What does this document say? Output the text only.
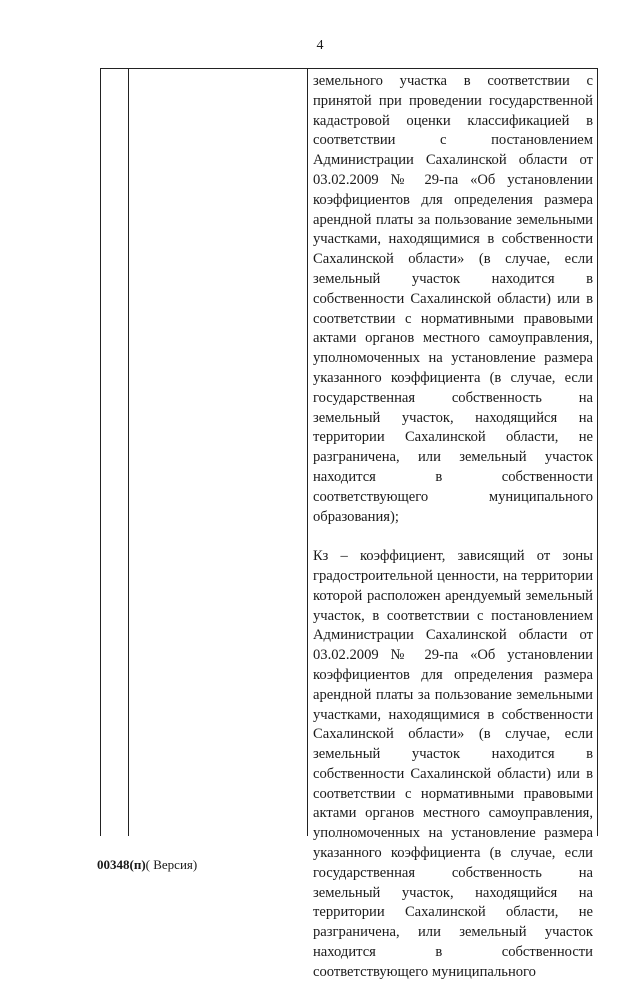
4
земельного участка в соответствии с принятой при проведении государственной кадастровой оценки классификацией в соответствии с постановлением Администрации Сахалинской области от 03.02.2009 № 29-па «Об установлении коэффициентов для определения размера арендной платы за пользование земельными участками, находящимися в собственности Сахалинской области» (в случае, если земельный участок находится в собственности Сахалинской области) или в соответствии с нормативными правовыми актами органов местного самоуправления, уполномоченных на установление размера указанного коэффициента (в случае, если государственная собственность на земельный участок, находящийся на территории Сахалинской области, не разграничена, или земельный участок находится в собственности соответствующего муниципального образования);
Кз – коэффициент, зависящий от зоны градостроительной ценности, на территории которой расположен арендуемый земельный участок, в соответствии с постановлением Администрации Сахалинской области от 03.02.2009 № 29-па «Об установлении коэффициентов для определения размера арендной платы за пользование земельными участками, находящимися в собственности Сахалинской области» (в случае, если земельный участок находится в собственности Сахалинской области) или в соответствии с нормативными правовыми актами органов местного самоуправления, уполномоченных на установление размера указанного коэффициента (в случае, если государственная собственность на земельный участок, находящийся на территории Сахалинской области, не разграничена, или земельный участок находится в собственности соответствующего муниципального
00348(п)( Версия)
